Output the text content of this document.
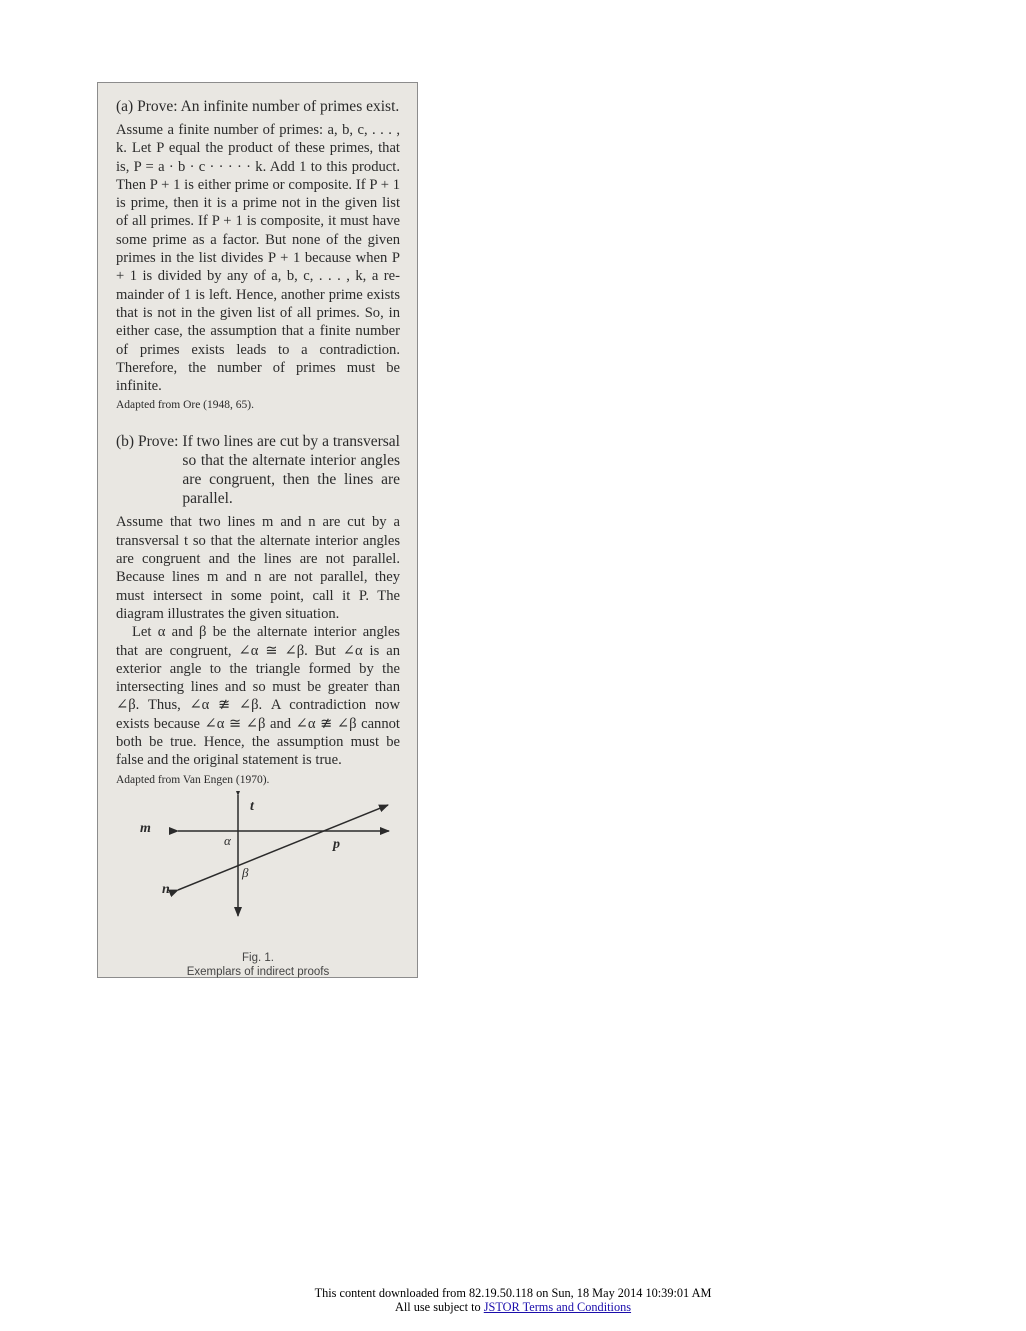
(a) Prove: An infinite number of primes exist.

Assume a finite number of primes: a, b, c, . . . , k. Let P equal the product of these primes, that is, P = a · b · c · · · · · k. Add 1 to this product. Then P + 1 is either prime or composite. If P + 1 is prime, then it is a prime not in the given list of all primes. If P + 1 is composite, it must have some prime as a factor. But none of the given primes in the list divides P + 1 because when P + 1 is divided by any of a, b, c, . . . , k, a remainder of 1 is left. Hence, another prime exists that is not in the given list of all primes. So, in either case, the assumption that a finite number of primes exists leads to a contradiction. Therefore, the number of primes must be infinite.

Adapted from Ore (1948, 65).

(b) Prove: If two lines are cut by a transversal so that the alternate interior angles are congruent, then the lines are parallel.

Assume that two lines m and n are cut by a transversal t so that the alternate interior angles are congruent and the lines are not parallel. Because lines m and n are not parallel, they must intersect in some point, call it P. The diagram illustrates the given situation.

Let α and β be the alternate interior angles that are congruent, ∠α ≅ ∠β. But ∠α is an exterior angle to the triangle formed by the intersecting lines and so must be greater than ∠β. Thus, ∠α ≇ ∠β. A contradiction now exists because ∠α ≅ ∠β and ∠α ≇ ∠β cannot both be true. Hence, the assumption must be false and the original statement is true.

Adapted from Van Engen (1970).

t
m
n
p
α
β
Fig. 1.
Exemplars of indirect proofs
This content downloaded from 82.19.50.118 on Sun, 18 May 2014 10:39:01 AM
All use subject to JSTOR Terms and Conditions
